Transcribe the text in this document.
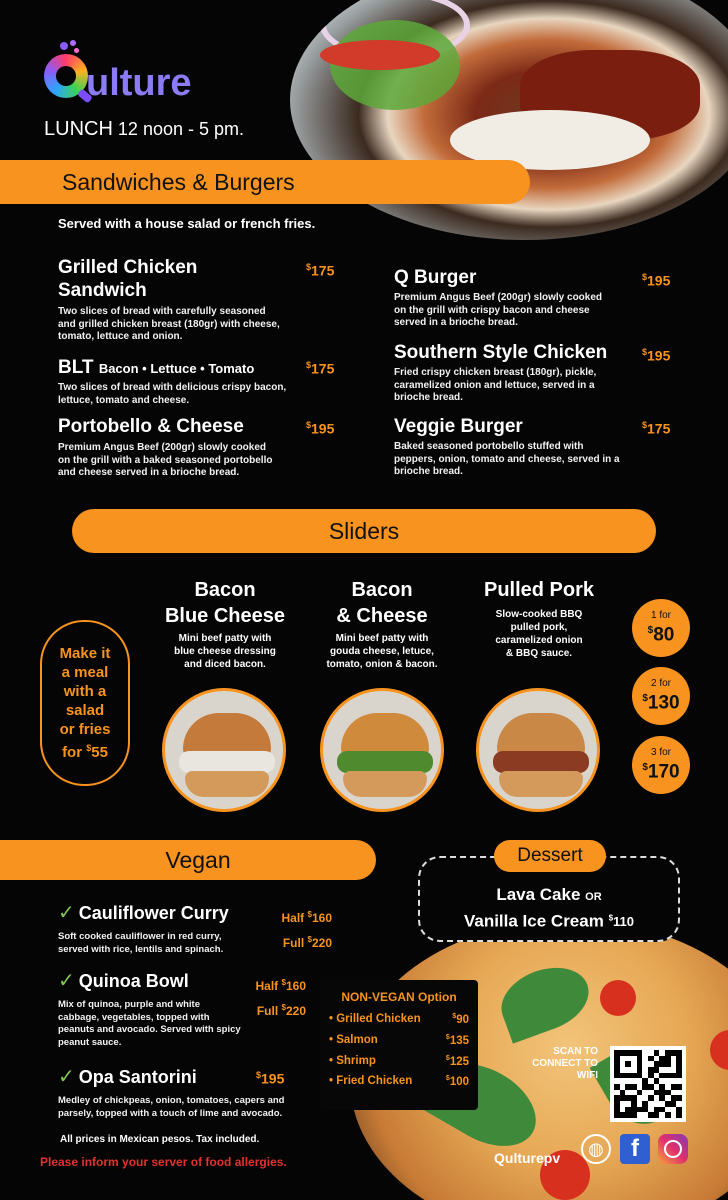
ulture
LUNCH 12 noon - 5 pm.
Sandwiches & Burgers
Served with a house salad or french fries.
Grilled Chicken
Sandwich
Two slices of bread with carefully seasoned
and grilled chicken breast (180gr) with cheese,
tomato, lettuce and onion.
$175
BLT Bacon • Lettuce • Tomato
Two slices of bread with delicious crispy bacon,
lettuce, tomato and cheese.
$175
Portobello & Cheese
Premium Angus Beef (200gr) slowly cooked
on the grill with a baked seasoned portobello
and cheese served in a brioche bread.
$195
Q Burger
Premium Angus Beef (200gr) slowly cooked
on the grill with crispy bacon and cheese
served in a brioche bread.
$195
Southern Style Chicken
Fried crispy chicken breast (180gr), pickle,
caramelized onion and lettuce, served in a
brioche bread.
$195
Veggie Burger
Baked seasoned portobello stuffed with
peppers, onion, tomato and cheese, served in a
brioche bread.
$175
Sliders
Make it
a meal
with a
salad
or fries
for $55
Bacon
Blue Cheese
Mini beef patty with
blue cheese dressing
and diced bacon.
Bacon
& Cheese
Mini beef patty with
gouda cheese, letuce,
tomato, onion & bacon.
Pulled Pork
Slow-cooked BBQ
pulled pork,
caramelized onion
& BBQ sauce.
1 for
$80
2 for
$130
3 for
$170
Vegan
✓ Cauliflower Curry
Soft cooked cauliflower in red curry,
served with rice, lentils and spinach.
Half $160
Full $220
✓ Quinoa Bowl
Mix of quinoa, purple and white
cabbage, vegetables, topped with
peanuts and avocado. Served with spicy
peanut sauce.
Half $160
Full $220
✓ Opa Santorini
Medley of chickpeas, onion, tomatoes, capers and
parsely, topped with a touch of lime and avocado.
$195
All prices in Mexican pesos. Tax included.
Please inform your server of food allergies.
NON-VEGAN Option
• Grilled Chicken	$90
• Salmon	$135
• Shrimp	$125
• Fried Chicken	$100
Lava Cake OR
Vanilla Ice Cream $110
Dessert
SCAN TO
CONNECT TO
WIFI
Qulturepv	◍	f
